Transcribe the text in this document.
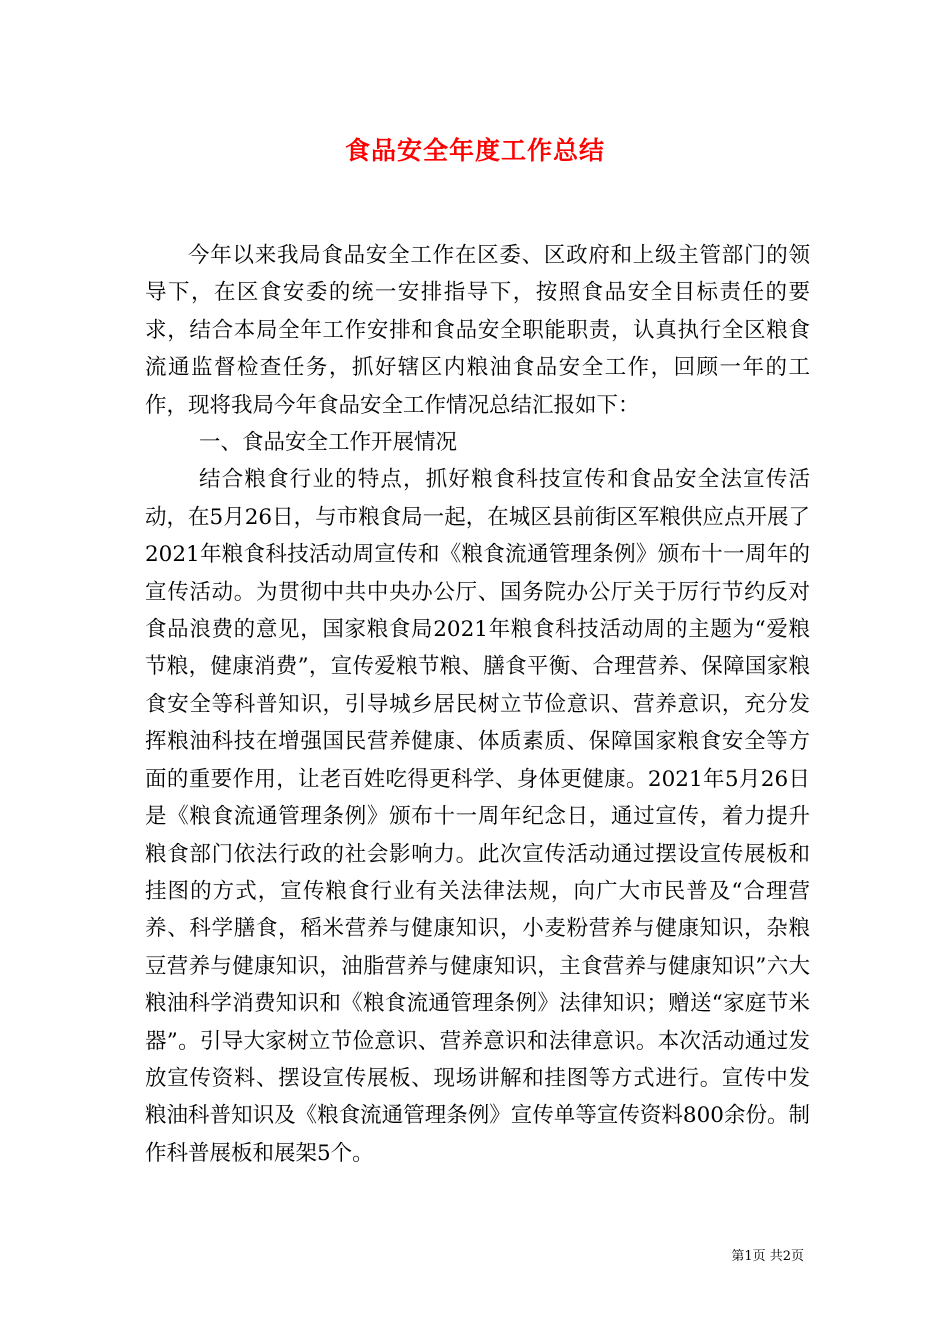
食品安全年度工作总结

今年以来我局食品安全工作在区委、区政府和上级主管部门的领导下，在区食安委的统一安排指导下，按照食品安全目标责任的要求，结合本局全年工作安排和食品安全职能职责，认真执行全区粮食流通监督检查任务，抓好辖区内粮油食品安全工作，回顾一年的工作，现将我局今年食品安全工作情况总结汇报如下：

一、食品安全工作开展情况

结合粮食行业的特点，抓好粮食科技宣传和食品安全法宣传活动，在5月26日，与市粮食局一起，在城区县前街区军粮供应点开展了2021年粮食科技活动周宣传和《粮食流通管理条例》颁布十一周年的宣传活动。为贯彻中共中央办公厅、国务院办公厅关于厉行节约反对食品浪费的意见，国家粮食局2021年粮食科技活动周的主题为“爱粮节粮，健康消费”，宣传爱粮节粮、膳食平衡、合理营养、保障国家粮食安全等科普知识，引导城乡居民树立节俭意识、营养意识，充分发挥粮油科技在增强国民营养健康、体质素质、保障国家粮食安全等方面的重要作用，让老百姓吃得更科学、身体更健康。2021年5月26日是《粮食流通管理条例》颁布十一周年纪念日，通过宣传，着力提升粮食部门依法行政的社会影响力。此次宣传活动通过摆设宣传展板和挂图的方式，宣传粮食行业有关法律法规，向广大市民普及“合理营养、科学膳食，稻米营养与健康知识，小麦粉营养与健康知识，杂粮豆营养与健康知识，油脂营养与健康知识，主食营养与健康知识”六大粮油科学消费知识和《粮食流通管理条例》法律知识；赠送“家庭节米器”。引导大家树立节俭意识、营养意识和法律意识。本次活动通过发放宣传资料、摆设宣传展板、现场讲解和挂图等方式进行。宣传中发粮油科普知识及《粮食流通管理条例》宣传单等宣传资料800余份。制作科普展板和展架5个。

第1页 共2页
